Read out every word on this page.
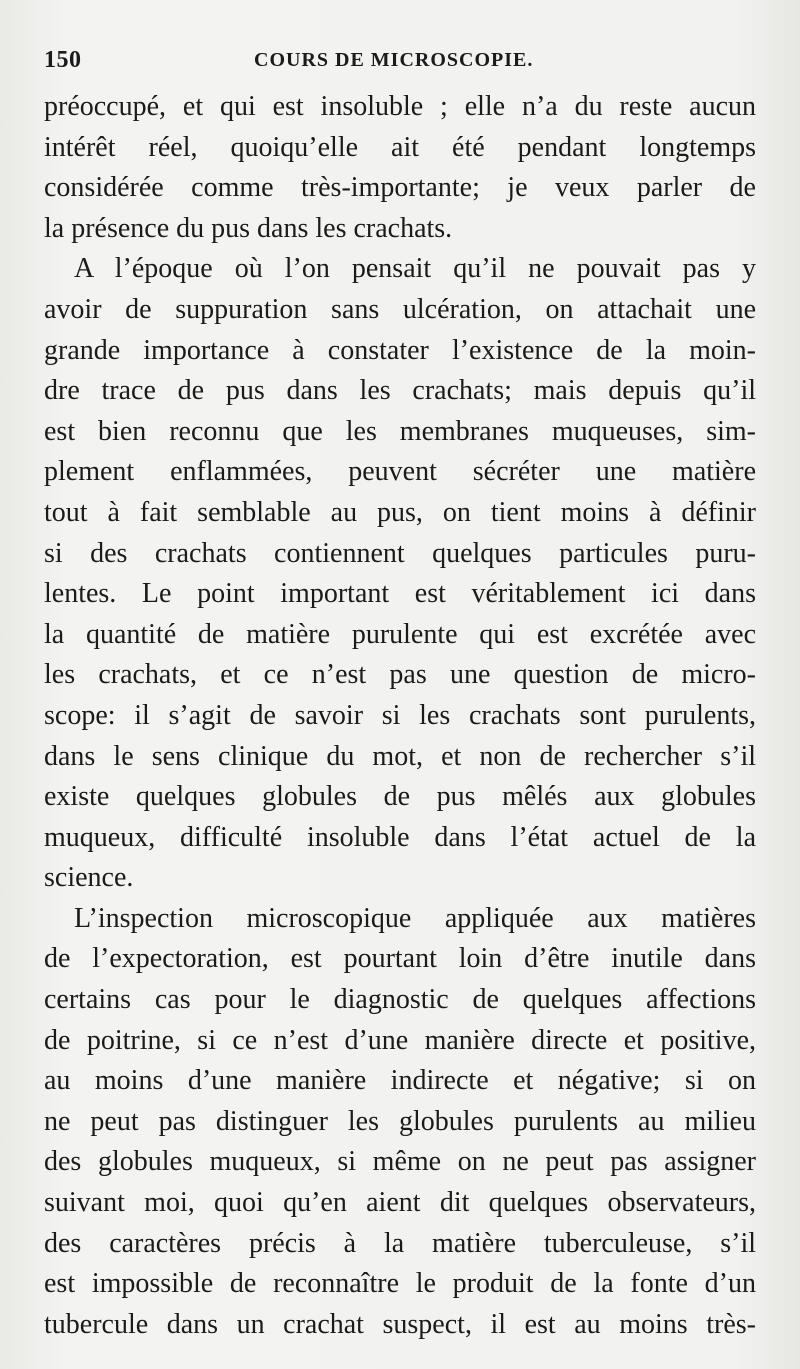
150	COURS DE MICROSCOPIE.
préoccupé, et qui est insoluble ; elle n’a du reste aucun
intérêt réel, quoiqu’elle ait été pendant longtemps
considérée comme très-importante; je veux parler de
la présence du pus dans les crachats.
A l’époque où l’on pensait qu’il ne pouvait pas y
avoir de suppuration sans ulcération, on attachait une
grande importance à constater l’existence de la moin-
dre trace de pus dans les crachats; mais depuis qu’il
est bien reconnu que les membranes muqueuses, sim-
plement enflammées, peuvent sécréter une matière
tout à fait semblable au pus, on tient moins à définir
si des crachats contiennent quelques particules puru-
lentes. Le point important est véritablement ici dans
la quantité de matière purulente qui est excrétée avec
les crachats, et ce n’est pas une question de micro-
scope: il s’agit de savoir si les crachats sont purulents,
dans le sens clinique du mot, et non de rechercher s’il
existe quelques globules de pus mêlés aux globules
muqueux, difficulté insoluble dans l’état actuel de la
science.
L’inspection microscopique appliquée aux matières
de l’expectoration, est pourtant loin d’être inutile dans
certains cas pour le diagnostic de quelques affections
de poitrine, si ce n’est d’une manière directe et positive,
au moins d’une manière indirecte et négative; si on
ne peut pas distinguer les globules purulents au milieu
des globules muqueux, si même on ne peut pas assigner
suivant moi, quoi qu’en aient dit quelques observateurs,
des caractères précis à la matière tuberculeuse, s’il
est impossible de reconnaître le produit de la fonte d’un
tubercule dans un crachat suspect, il est au moins très-
